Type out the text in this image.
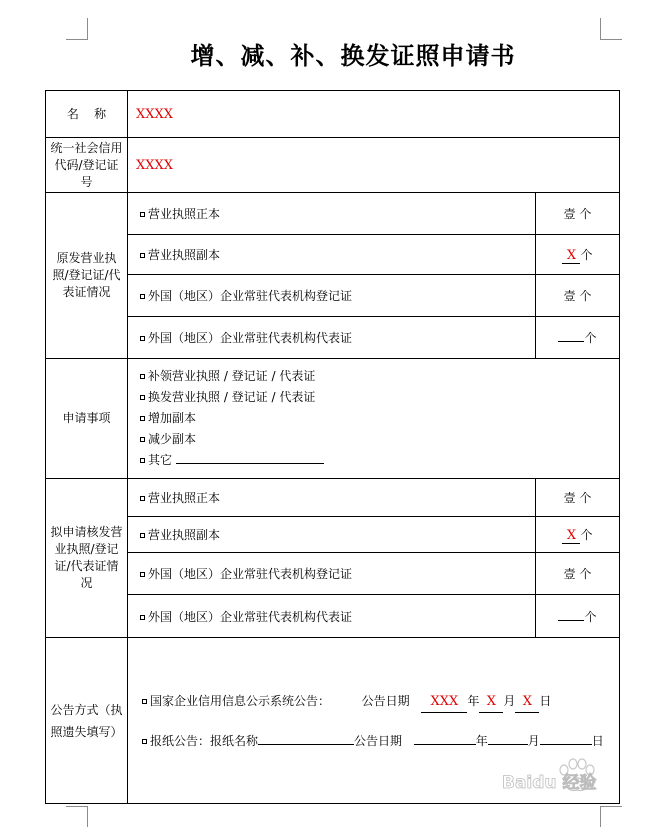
增、减、补、换发证照申请书
名    称	XXXX	
统一社会信用代码/登记证号	XXXX	
原发营业执照/登记证/代表证情况	营业执照正本	壹 个
	营业执照副本	X 个
	外国（地区）企业常驻代表机构登记证	壹 个
	外国（地区）企业常驻代表机构代表证	个
申请事项	补领营业执照 / 登记证 / 代表证
换发营业执照 / 登记证 / 代表证
增加副本
减少副本
其它	

拟申请核发营业执照/登记证/代表证情况	营业执照正本	壹 个
	营业执照副本	X 个
	外国（地区）企业常驻代表机构登记证	壹 个
	外国（地区）企业常驻代表机构代表证	个
公告方式（执照遗失填写）	国家企业信用信息公示系统公告： 公告日期 XXX 年 X 月 X 日
报纸公告：报纸名称 公告日期 年 月 日	
Baidu 经验
